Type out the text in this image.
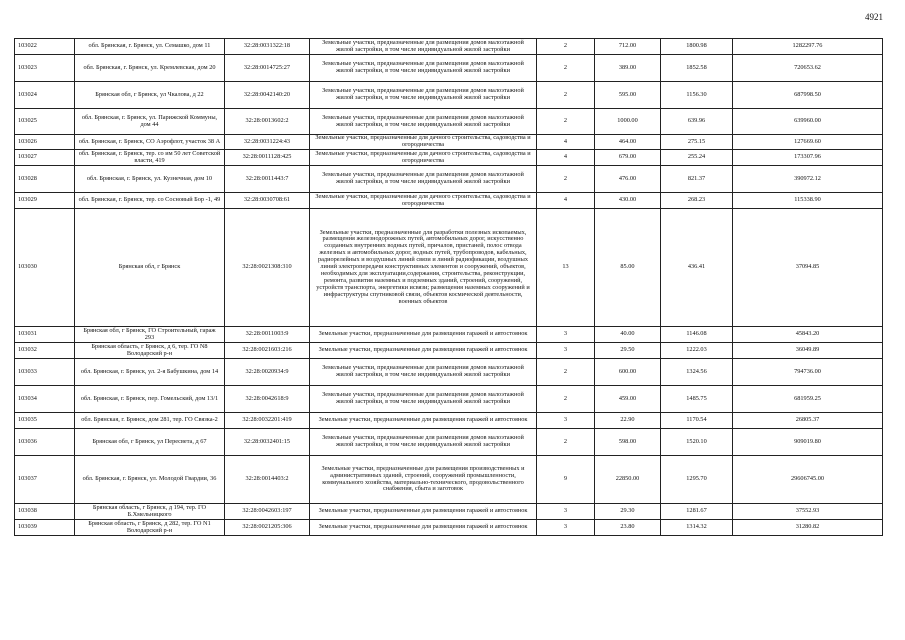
4921
103022	обл. Брянская, г. Брянск, ул. Семашко, дом 11	32:28:0031322:18	Земельные участки, предназначенные для размещения домов малоэтажной жилой застройки, в том числе индивидуальной жилой застройки	2	712.00	1800.98	1282297.76
103023	обл. Брянская, г. Брянск, ул. Кремлевская, дом 20	32:28:0014725:27	Земельные участки, предназначенные для размещения домов малоэтажной жилой застройки, в том числе индивидуальной жилой застройки	2	389.00	1852.58	720653.62
103024	Брянская обл, г Брянск, ул Чкалова, д 22	32:28:0042140:20	Земельные участки, предназначенные для размещения домов малоэтажной жилой застройки, в том числе индивидуальной жилой застройки	2	595.00	1156.30	687998.50
103025	обл. Брянская, г. Брянск, ул. Парижской Коммуны, дом 44	32:28:0013602:2	Земельные участки, предназначенные для размещения домов малоэтажной жилой застройки, в том числе индивидуальной жилой застройки	2	1000.00	639.96	639960.00
103026	обл. Брянская, г. Брянск, СО Аэрофлот, участок 38 А	32:28:0031224:43	Земельные участки, предназначенные для дачного строительства, садоводства и огородничества	4	464.00	275.15	127669.60
103027	обл. Брянская, г. Брянск, тер. со им 50 лет Советской власти, 419	32:28:0011128:425	Земельные участки, предназначенные для дачного строительства, садоводства и огородничества	4	679.00	255.24	173307.96
103028	обл. Брянская, г. Брянск, ул. Кузнечная, дом 10	32:28:0011443:7	Земельные участки, предназначенные для размещения домов малоэтажной жилой застройки, в том числе индивидуальной жилой застройки	2	476.00	821.37	390972.12
103029	обл. Брянская, г. Брянск, тер. со Сосновый Бор -1, 49	32:28:0030708:61	Земельные участки, предназначенные для дачного строительства, садоводства и огородничества	4	430.00	268.23	115338.90
103030	Брянская обл, г Брянск	32:28:0021308:310	Земельные участки, предназначенные для разработки полезных ископаемых, размещения железнодорожных путей, автомобильных дорог, искусственно созданных внутренних водных путей, причалов, пристаней, полос отвода железных и автомобильных дорог, водных путей, трубопроводов, кабельных, радиорелейных и воздушных линий связи и линий радиофикации, воздушных линий электропередачи конструктивных элементов и сооружений, объектов, необходимых для эксплуатации,содержания, строительства, реконструкции, ремонта, развития наземных и подземных зданий, строений, сооружений, устройств транспорта, энергетики исвязи; размещения наземных сооружений и инфраструктуры спутниковой связи, объектов космической деятельности, военных объектов	13	85.00	436.41	37094.85
103031	Брянская обл, г Брянск, ГО Строительный, гараж 293	32:28:0011003:9	Земельные участки, предназначенные для размещения гаражей и автостоянок	3	40.00	1146.08	45843.20
103032	Брянская область, г Брянск, д 6, тер. ГО N8 Володарский р-н	32:28:0021603:216	Земельные участки, предназначенные для размещения гаражей и автостоянок	3	29.50	1222.03	36049.89
103033	обл. Брянская, г. Брянск, ул. 2-я Бабушкина, дом 14	32:28:0020934:9	Земельные участки, предназначенные для размещения домов малоэтажной жилой застройки, в том числе индивидуальной жилой застройки	2	600.00	1324.56	794736.00
103034	обл. Брянская, г. Брянск, пер. Гомельский, дом 13/1	32:28:0042618:9	Земельные участки, предназначенные для размещения домов малоэтажной жилой застройки, в том числе индивидуальной жилой застройки	2	459.00	1485.75	681959.25
103035	обл. Брянская, г. Брянск, дом 281, тер. ГО Связка-2	32:28:0032201:419	Земельные участки, предназначенные для размещения гаражей и автостоянок	3	22.90	1170.54	26805.37
103036	Брянская обл, г Брянск, ул Пересвета, д 67	32:28:0032401:15	Земельные участки, предназначенные для размещения домов малоэтажной жилой застройки, в том числе индивидуальной жилой застройки	2	598.00	1520.10	909019.80
103037	обл. Брянская, г. Брянск, ул. Молодой Гвардии, 36	32:28:0014403:2	Земельные участки, предназначенные для размещения производственных и административных зданий, строений, сооружений промышленности, коммунального хозяйства, материально-технического, продовольственного снабжения, сбыта и заготовок	9	22850.00	1295.70	29606745.00
103038	Брянская область, г Брянск, д 194, тер. ГО Б.Хмельницкого	32:28:0042603:197	Земельные участки, предназначенные для размещения гаражей и автостоянок	3	29.30	1281.67	37552.93
103039	Брянская область, г Брянск, д 282, тер. ГО N1 Володарский р-н	32:28:0021205:306	Земельные участки, предназначенные для размещения гаражей и автостоянок	3	23.80	1314.32	31280.82
